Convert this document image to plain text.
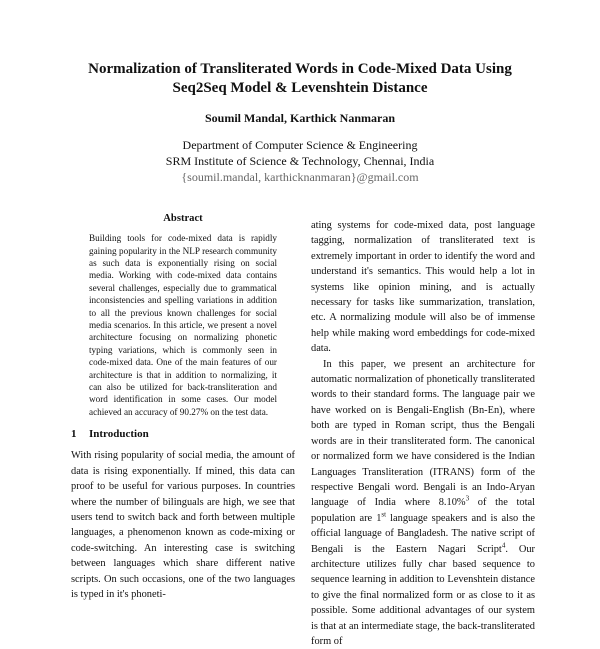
Normalization of Transliterated Words in Code-Mixed Data Using Seq2Seq Model & Levenshtein Distance
Soumil Mandal, Karthick Nanmaran
Department of Computer Science & Engineering
SRM Institute of Science & Technology, Chennai, India
{soumil.mandal, karthicknanmaran}@gmail.com
Abstract

Building tools for code-mixed data is rapidly gaining popularity in the NLP research community as such data is exponentially rising on social media. Working with code-mixed data contains several challenges, especially due to grammatical inconsistencies and spelling variations in addition to all the previous known challenges for social media scenarios. In this article, we present a novel architecture focusing on normalizing phonetic typing variations, which is commonly seen in code-mixed data. One of the main features of our architecture is that in addition to normalizing, it can also be utilized for back-transliteration and word identification in some cases. Our model achieved an accuracy of 90.27% on the test data.

1 Introduction

With rising popularity of social media, the amount of data is rising exponentially. If mined, this data can proof to be useful for various purposes. In countries where the number of bilinguals are high, we see that users tend to switch back and forth between multiple languages, a phenomenon known as code-mixing or code-switching. An interesting case is switching between languages which share different native scripts. On such occasions, one of the two languages is typed in it's phoneti-

ating systems for code-mixed data, post language tagging, normalization of transliterated text is extremely important in order to identify the word and understand it's semantics. This would help a lot in systems like opinion mining, and is actually necessary for tasks like summarization, translation, etc. A normalizing module will also be of immense help while making word embeddings for code-mixed data.

In this paper, we present an architecture for automatic normalization of phonetically transliterated words to their standard forms. The language pair we have worked on is Bengali-English (Bn-En), where both are typed in Roman script, thus the Bengali words are in their transliterated form. The canonical or normalized form we have considered is the Indian Languages Transliteration (ITRANS) form of the respective Bengali word. Bengali is an Indo-Aryan language of India where 8.10%$^3$ of the total population are 1st language speakers and is also the official language of Bangladesh. The native script of Bengali is the Eastern Nagari Script$^4$. Our architecture utilizes fully char based sequence to sequence learning in addition to Levenshtein distance to give the final normalized form or as close to it as possible. Some additional advantages of our system is that at an intermediate stage, the back-transliterated form of
